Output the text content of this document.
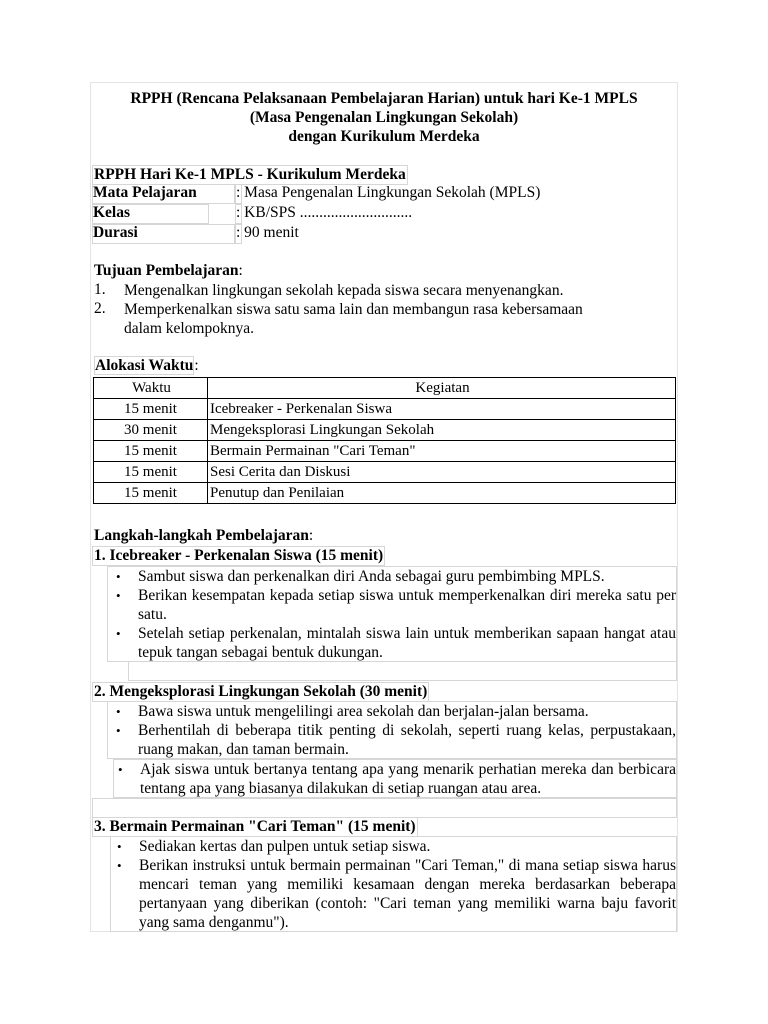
RPPH (Rencana Pelaksanaan Pembelajaran Harian) untuk hari Ke-1 MPLS
(Masa Pengenalan Lingkungan Sekolah)
dengan Kurikulum Merdeka
RPPH Hari Ke-1 MPLS - Kurikulum Merdeka
Mata Pelajaran	: Masa Pengenalan Lingkungan Sekolah (MPLS)
Kelas	: KB/SPS .............................
Durasi	: 90 menit
Tujuan Pembelajaran:
1. Mengenalkan lingkungan sekolah kepada siswa secara menyenangkan.
2. Memperkenalkan siswa satu sama lain dan membangun rasa kebersamaan
dalam kelompoknya.
Alokasi Waktu:
Waktu	Kegiatan
15 menit	Icebreaker - Perkenalan Siswa
30 menit	Mengeksplorasi Lingkungan Sekolah
15 menit	Bermain Permainan "Cari Teman"
15 menit	Sesi Cerita dan Diskusi
15 menit	Penutup dan Penilaian
Langkah-langkah Pembelajaran:
1. Icebreaker - Perkenalan Siswa (15 menit)
• Sambut siswa dan perkenalkan diri Anda sebagai guru pembimbing MPLS.
• Berikan kesempatan kepada setiap siswa untuk memperkenalkan diri mereka satu per satu.
• Setelah setiap perkenalan, mintalah siswa lain untuk memberikan sapaan hangat atau tepuk tangan sebagai bentuk dukungan.
2. Mengeksplorasi Lingkungan Sekolah (30 menit)
• Bawa siswa untuk mengelilingi area sekolah dan berjalan-jalan bersama.
• Berhentilah di beberapa titik penting di sekolah, seperti ruang kelas, perpustakaan, ruang makan, dan taman bermain.
• Ajak siswa untuk bertanya tentang apa yang menarik perhatian mereka dan berbicara tentang apa yang biasanya dilakukan di setiap ruangan atau area.
3. Bermain Permainan "Cari Teman" (15 menit)
• Sediakan kertas dan pulpen untuk setiap siswa.
• Berikan instruksi untuk bermain permainan "Cari Teman," di mana setiap siswa harus mencari teman yang memiliki kesamaan dengan mereka berdasarkan beberapa pertanyaan yang diberikan (contoh: "Cari teman yang memiliki warna baju favorit yang sama denganmu").
